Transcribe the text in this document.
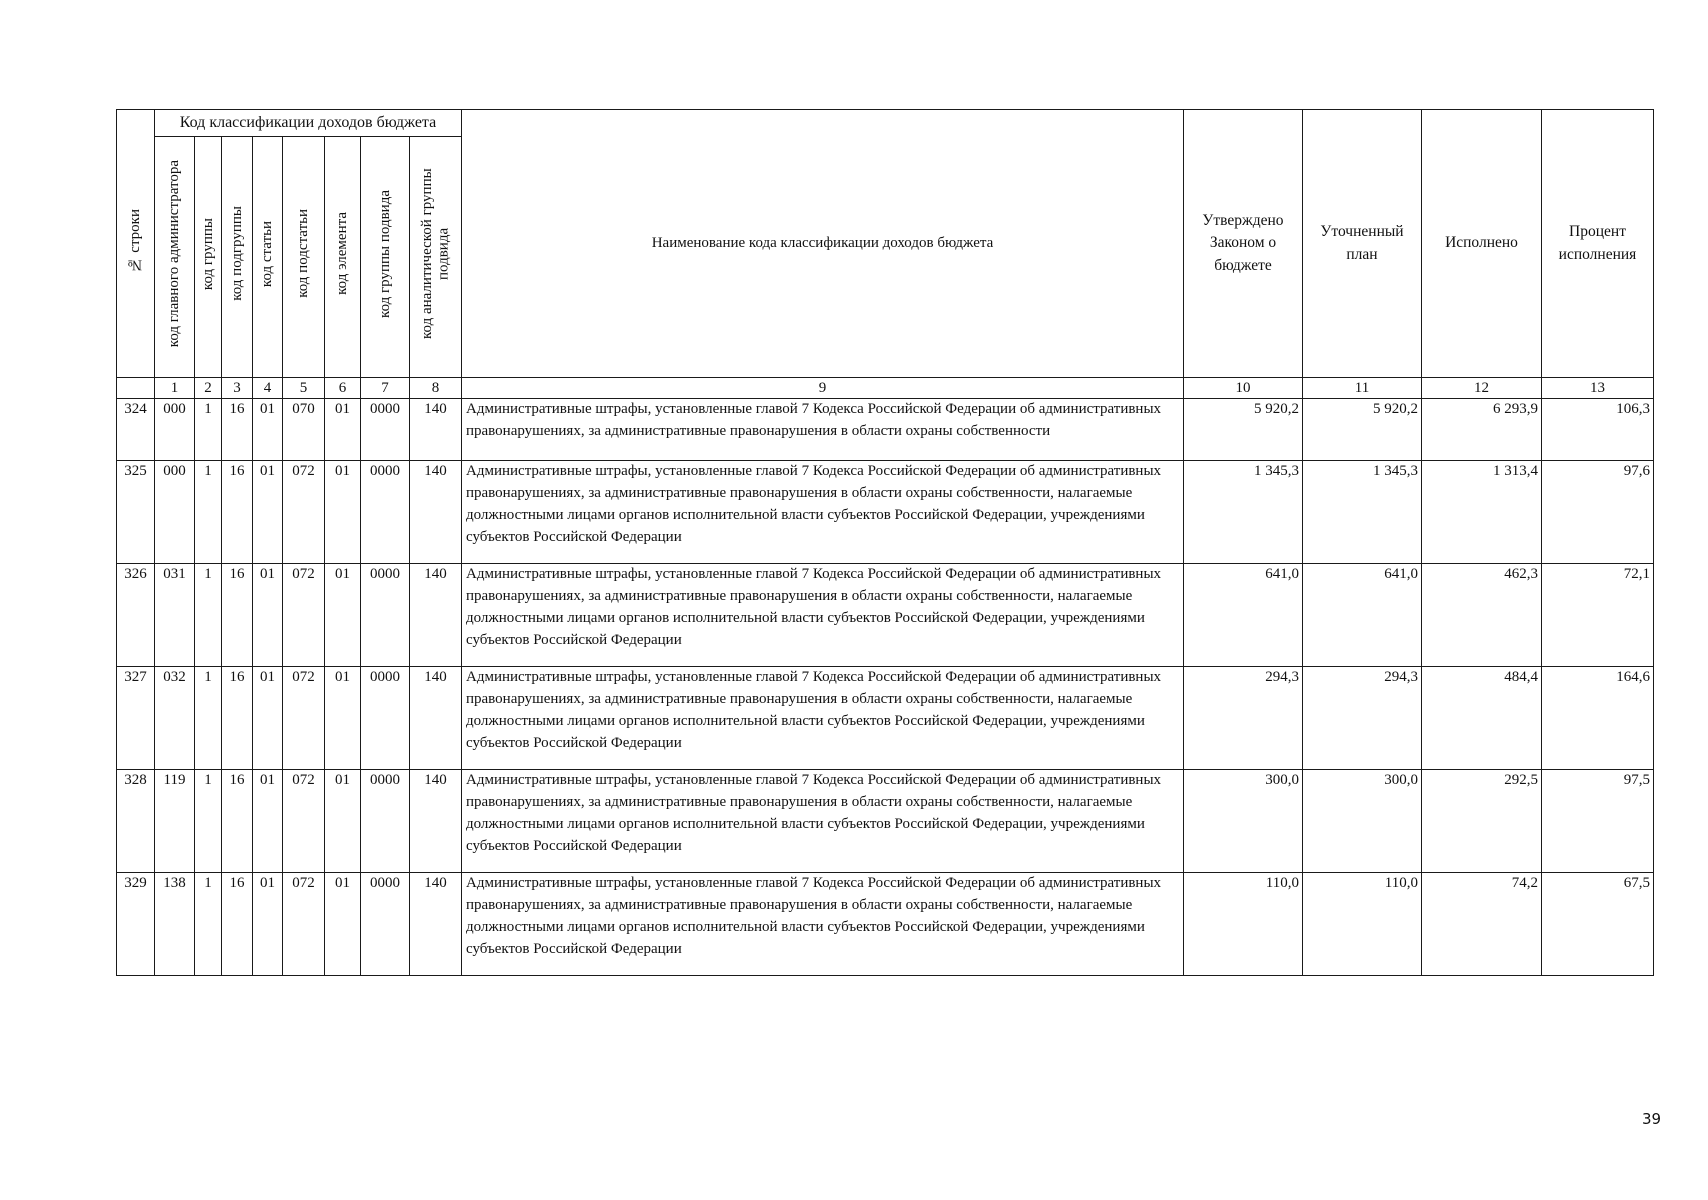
№ строки	Код классификации доходов бюджета								Наименование кода классификации доходов бюджета	Утверждено Законом о бюджете	Уточненный план	Исполнено	Процент исполнения
	код главного администратора	код группы	код подгруппы	код статьи	код подстатьи	код элемента	код группы подвида	код аналитической группы подвида					
	1	2	3	4	5	6	7	8	9	10	11	12	13
324	000	1	16	01	070	01	0000	140	Административные штрафы, установленные главой 7 Кодекса Российской Федерации об административных правонарушениях, за административные правонарушения в области охраны собственности	5 920,2	5 920,2	6 293,9	106,3
325	000	1	16	01	072	01	0000	140	Административные штрафы, установленные главой 7 Кодекса Российской Федерации об административных правонарушениях, за административные правонарушения в области охраны собственности, налагаемые должностными лицами органов исполнительной власти субъектов Российской Федерации, учреждениями субъектов Российской Федерации	1 345,3	1 345,3	1 313,4	97,6
326	031	1	16	01	072	01	0000	140	Административные штрафы, установленные главой 7 Кодекса Российской Федерации об административных правонарушениях, за административные правонарушения в области охраны собственности, налагаемые должностными лицами органов исполнительной власти субъектов Российской Федерации, учреждениями субъектов Российской Федерации	641,0	641,0	462,3	72,1
327	032	1	16	01	072	01	0000	140	Административные штрафы, установленные главой 7 Кодекса Российской Федерации об административных правонарушениях, за административные правонарушения в области охраны собственности, налагаемые должностными лицами органов исполнительной власти субъектов Российской Федерации, учреждениями субъектов Российской Федерации	294,3	294,3	484,4	164,6
328	119	1	16	01	072	01	0000	140	Административные штрафы, установленные главой 7 Кодекса Российской Федерации об административных правонарушениях, за административные правонарушения в области охраны собственности, налагаемые должностными лицами органов исполнительной власти субъектов Российской Федерации, учреждениями субъектов Российской Федерации	300,0	300,0	292,5	97,5
329	138	1	16	01	072	01	0000	140	Административные штрафы, установленные главой 7 Кодекса Российской Федерации об административных правонарушениях, за административные правонарушения в области охраны собственности, налагаемые должностными лицами органов исполнительной власти субъектов Российской Федерации, учреждениями субъектов Российской Федерации	110,0	110,0	74,2	67,5
39
